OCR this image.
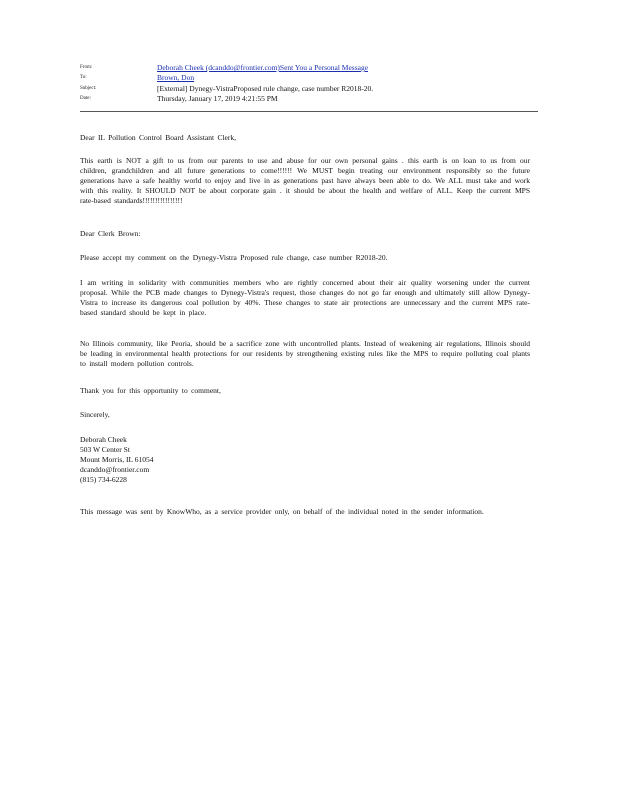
From:	Deborah Cheek (dcanddo@frontier.com)Sent You a Personal Message
To:	Brown, Don
Subject:	[External] Dynegy-VistraProposed rule change, case number R2018-20.
Date:	Thursday, January 17, 2019 4:21:55 PM

Dear IL Pollution Control Board Assistant Clerk,

This earth is NOT a gift to us from our parents to use and abuse for our own personal gains . this earth is on loan to us from our children, grandchildren and all future generations to come!!!!!! We MUST begin treating our environment responsibly so the future generations have a safe healthy world to enjoy and live in as generations past have always been able to do. We ALL must take and work with this reality. It SHOULD NOT be about corporate gain . it should be about the health and welfare of ALL. Keep the current MPS rate-based standards!!!!!!!!!!!!!!!!

Dear Clerk Brown:

Please accept my comment on the Dynegy-Vistra Proposed rule change, case number R2018-20.

I am writing in solidarity with communities members who are rightly concerned about their air quality worsening under the current proposal. While the PCB made changes to Dynegy-Vistra's request, those changes do not go far enough and ultimately still allow Dynegy-Vistra to increase its dangerous coal pollution by 40%. These changes to state air protections are unnecessary and the current MPS rate-based standard should be kept in place.

No Illinois community, like Peoria, should be a sacrifice zone with uncontrolled plants. Instead of weakening air regulations, Illinois should be leading in environmental health protections for our residents by strengthening existing rules like the MPS to require polluting coal plants to install modern pollution controls.

Thank you for this opportunity to comment,

Sincerely,

Deborah Cheek

503 W Center St

Mount Morris, IL 61054

dcanddo@frontier.com

(815) 734-6228

This message was sent by KnowWho, as a service provider only, on behalf of the individual noted in the sender information.
